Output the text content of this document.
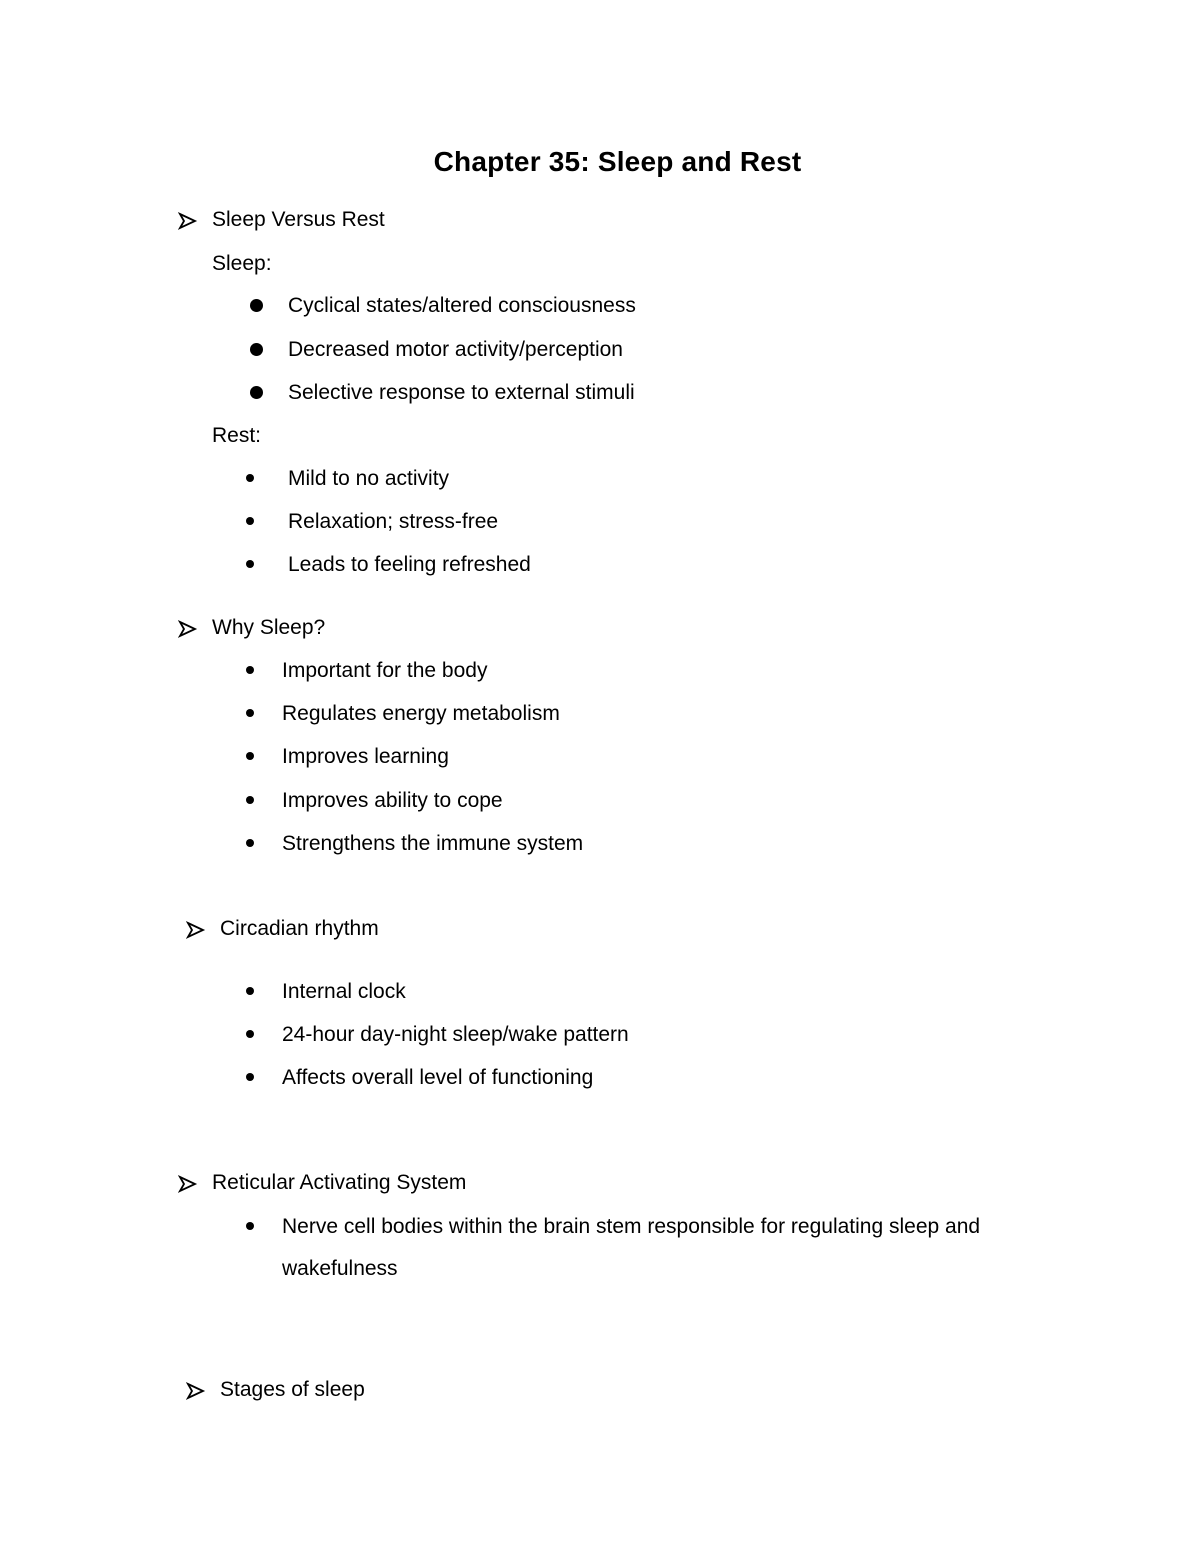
Chapter 35: Sleep and Rest
Sleep Versus Rest
Sleep:
Cyclical states/altered consciousness
Decreased motor activity/perception
Selective response to external stimuli
Rest:
Mild to no activity
Relaxation; stress-free
Leads to feeling refreshed
Why Sleep?
Important for the body
Regulates energy metabolism
Improves learning
Improves ability to cope
Strengthens the immune system
Circadian rhythm
Internal clock
24-hour day-night sleep/wake pattern
Affects overall level of functioning
Reticular Activating System
Nerve cell bodies within the brain stem responsible for regulating sleep and
wakefulness
Stages of sleep
